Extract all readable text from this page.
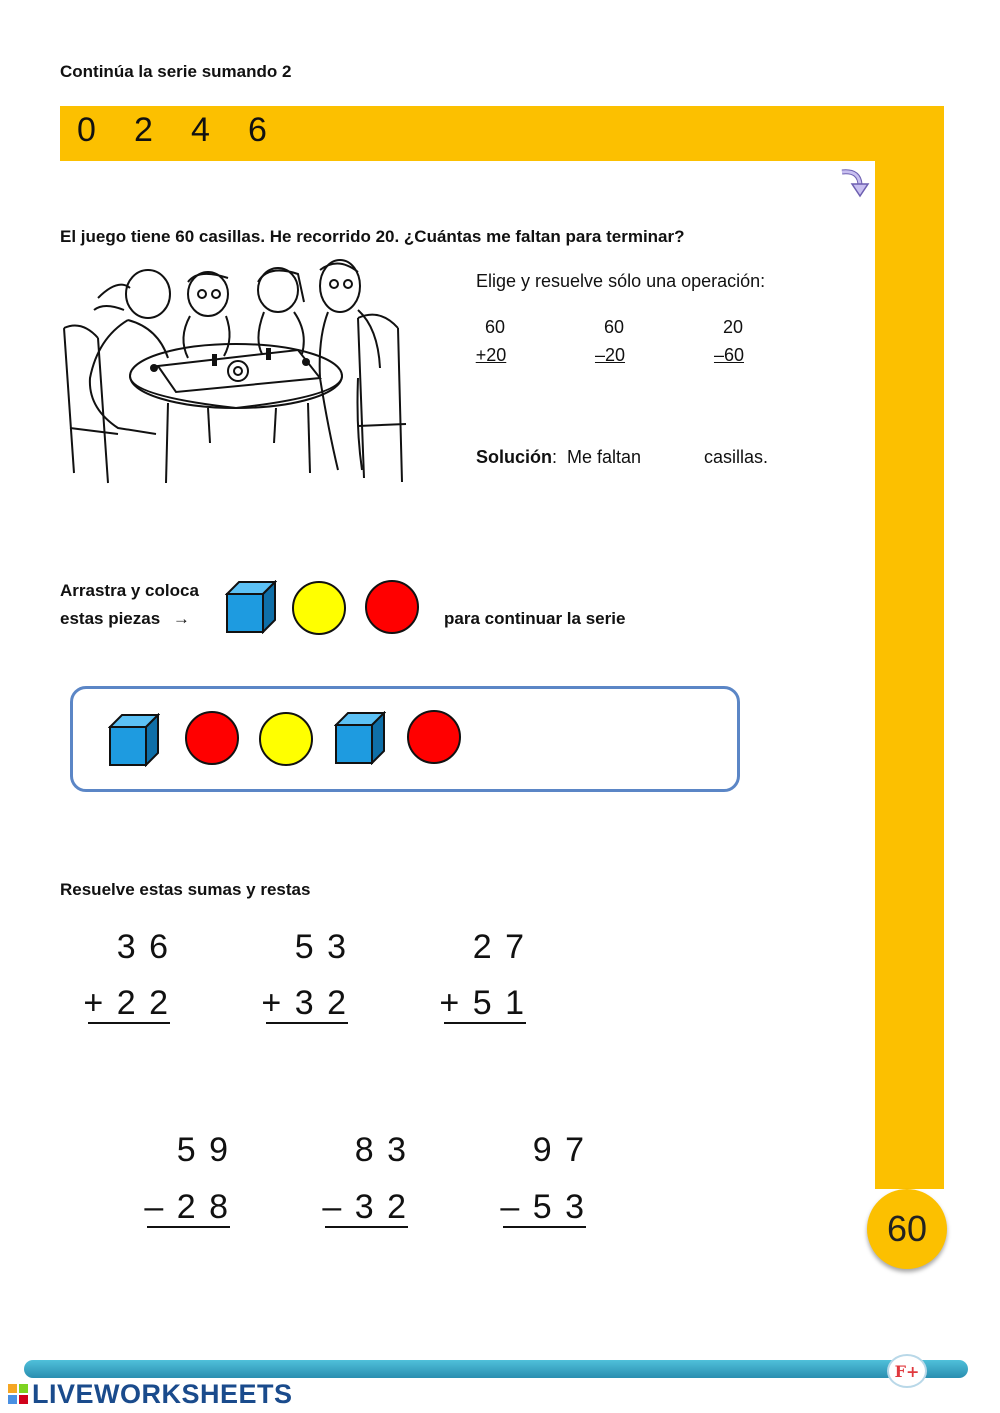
Continúa la serie sumando 2
0 2 4 6
El juego tiene 60 casillas. He recorrido 20. ¿Cuántas me faltan para terminar?
Elige y resuelve sólo una operación:
60
+20
60
–20
20
–60
Solución:  Me faltan	casillas.
Arrastra y coloca
estas piezas →	para continuar la serie
Resuelve estas sumas y restas
3 6
+ 2 2
5 3
+ 3 2
2 7
+ 5 1
5 9
– 2 8
8 3
– 3 2
9 7
– 5 3
60
F+
LIVEWORKSHEETS
